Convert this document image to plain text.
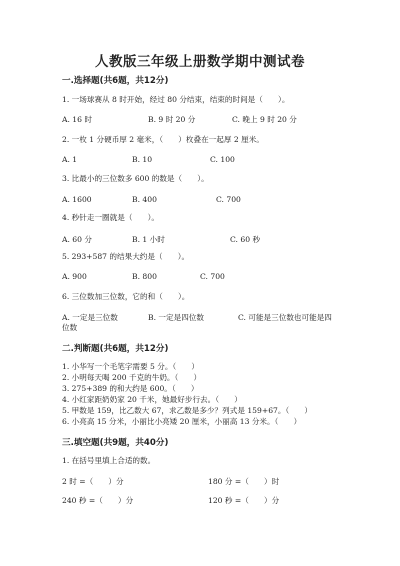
人教版三年级上册数学期中测试卷
一.选择题(共6题，共12分)
1. 一场球赛从 8 时开始，经过 80 分结束，结束的时间是（　　）。
A. 16 时	B. 9 时 20 分	C. 晚上 9 时 20 分
2. 一枚 1 分硬币厚 2 毫米，（　　）枚叠在一起厚 2 厘米。
A. 1	B. 10	C. 100
3. 比最小的三位数多 600 的数是（　　）。
A. 1600	B. 400	C. 700
4. 秒针走一圈就是（　　）。
A. 60 分	B. 1 小时	C. 60 秒
5. 293+587 的结果大约是（　　）。
A. 900	B. 800	C. 700
6. 三位数加三位数，它的和（　　）。
A. 一定是三位数	B. 一定是四位数	C. 可能是三位数也可能是四
位数
二.判断题(共6题，共12分)
1. 小华写一个毛笔字需要 5 分。（　　）
2. 小明每天喝 200 千克的牛奶。（　　）
3. 275+389 的和大约是 600。（　　）
4. 小红家距奶奶家 20 千米，她最好步行去。（　　）
5. 甲数是 159，比乙数大 67，求乙数是多少？列式是 159+67。（　　）
6. 小亮高 15 分米，小丽比小亮矮 20 厘米，小丽高 13 分米。（　　）
三.填空题(共9题，共40分)
1. 在括号里填上合适的数。
2 时 =（　　）分	180 分 =（　　）时
240 秒 =（　　）分	120 秒 =（　　）分
